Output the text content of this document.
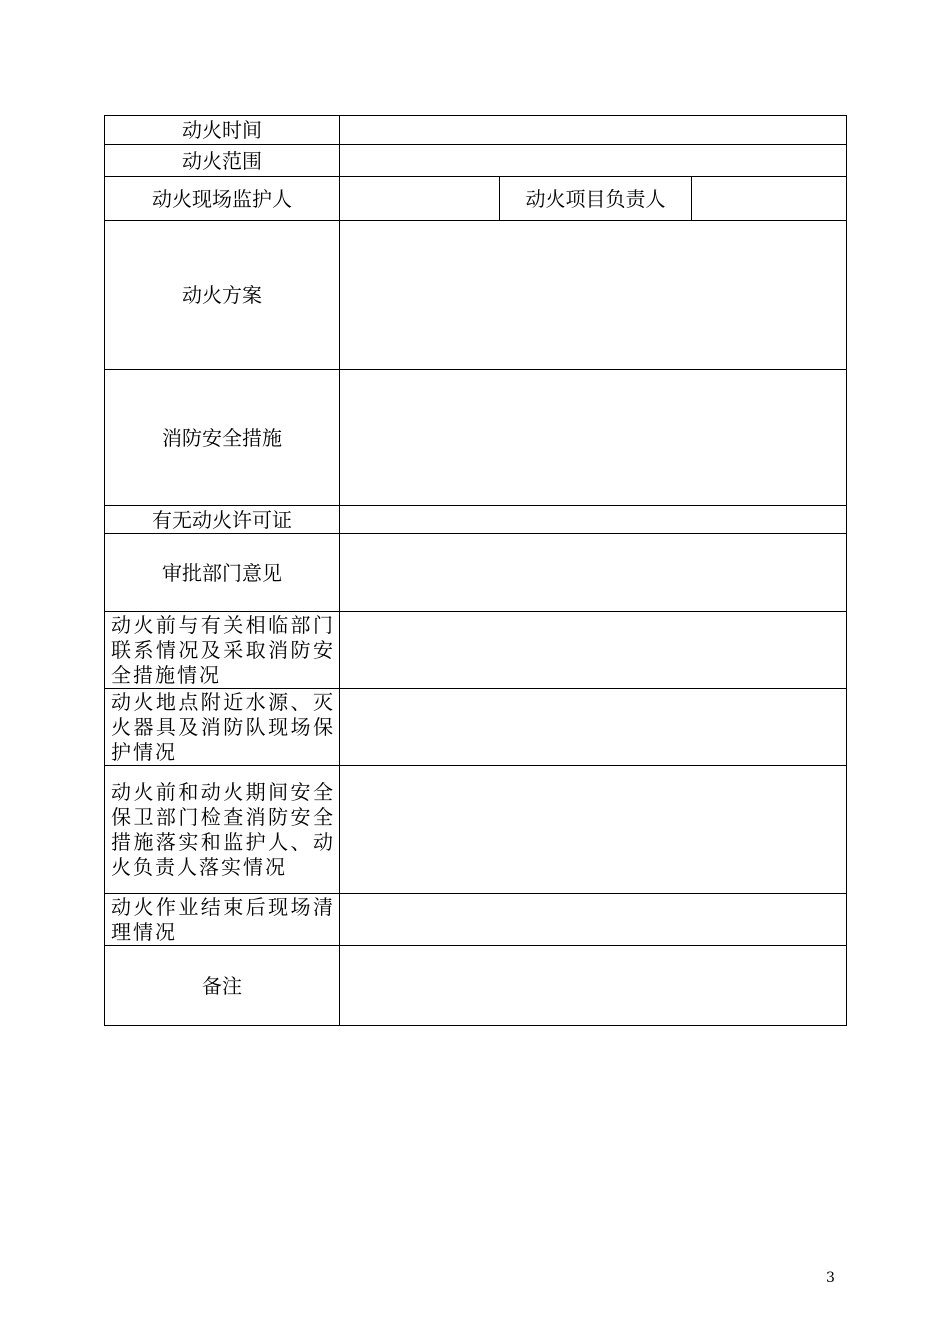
动火时间			
动火范围			
动火现场监护人		动火项目负责人	
动火方案			
消防安全措施			
有无动火许可证			
审批部门意见			
动火前与有关相临部门联系情况及采取消防安全措施情况			
动火地点附近水源、灭火器具及消防队现场保护情况			
动火前和动火期间安全保卫部门检查消防安全措施落实和监护人、动火负责人落实情况			
动火作业结束后现场清理情况			
备注			
3
